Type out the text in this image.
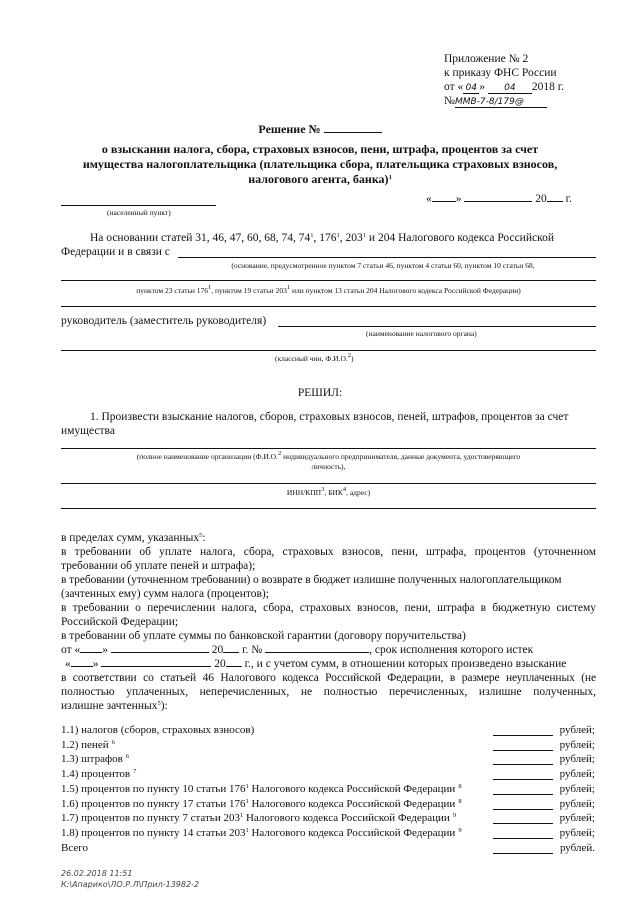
Приложение № 2
к приказу ФНС России
от « 04 » 04 2018 г.
№ММВ-7-8/179@
Решение №
о взыскании налога, сбора, страховых взносов, пени, штрафа, процентов за счет
имущества налогоплательщика (плательщика сбора, плательщика страховых взносов,
налогового агента, банка)$^1$
(населенный пункт)
« »	20 г.
На основании статей 31, 46, 47, 60, 68, 74, $74^1$, $176^1$, $203^1$ и 204 Налогового кодекса Российской
Федерации и в связи с
(основание, предусмотренное пунктом 7 статьи 46, пунктом 4 статьи 60, пунктом 10 статьи 68,
пунктом 23 статьи $176^1$, пунктом 19 статьи $203^1$ или пунктом 13 статьи 204 Налогового кодекса Российской Федерации)
руководитель (заместитель руководителя)
(наименование налогового органа)
(классный чин, Ф.И.О.$^2$)
РЕШИЛ:
1. Произвести взыскание налогов, сборов, страховых взносов, пеней, штрафов, процентов за счет
имущества
(полное наименование организации (Ф.И.О.$^2$ индивидуального предпринимателя, данные документа, удостоверяющего
личность),
ИНН/КПП$^3$, БИК$^4$, адрес)
в пределах сумм, указанных$^5$:
в требовании об уплате налога, сбора, страховых взносов, пени, штрафа, процентов (уточненном
требовании об уплате пеней и штрафа);
в требовании (уточненном требовании) о возврате в бюджет излишне полученных налогоплательщиком
(зачтенных ему) сумм налога (процентов);
в требовании о перечислении налога, сбора, страховых взносов, пени, штрафа в бюджетную систему
Российской Федерации;
в требовании об уплате суммы по банковской гарантии (договору поручительства)
от « »	20 г. №	, срок исполнения которого истек
« »	20 г., и с учетом сумм, в отношении которых произведено взыскание
в соответствии со статьей 46 Налогового кодекса Российской Федерации, в размере неуплаченных (не
полностью уплаченных, неперечисленных, не полностью перечисленных, излишне полученных,
излишне зачтенных$^5$):
1.1) налогов (сборов, страховых взносов)	рублей;
1.2) пеней $^6$	рублей;
1.3) штрафов $^6$	рублей;
1.4) процентов $^7$	рублей;
1.5) процентов по пункту 10 статьи $176^1$ Налогового кодекса Российской Федерации $^8$	рублей;
1.6) процентов по пункту 17 статьи $176^1$ Налогового кодекса Российской Федерации $^8$	рублей;
1.7) процентов по пункту 7 статьи $203^1$ Налогового кодекса Российской Федерации $^9$	рублей;
1.8) процентов по пункту 14 статьи $203^1$ Налогового кодекса Российской Федерации $^9$	рублей;
Всего	рублей.
26.02.2018 11:51
К:\Апарико\ЛО.Р.Л\Прил-13982-2
